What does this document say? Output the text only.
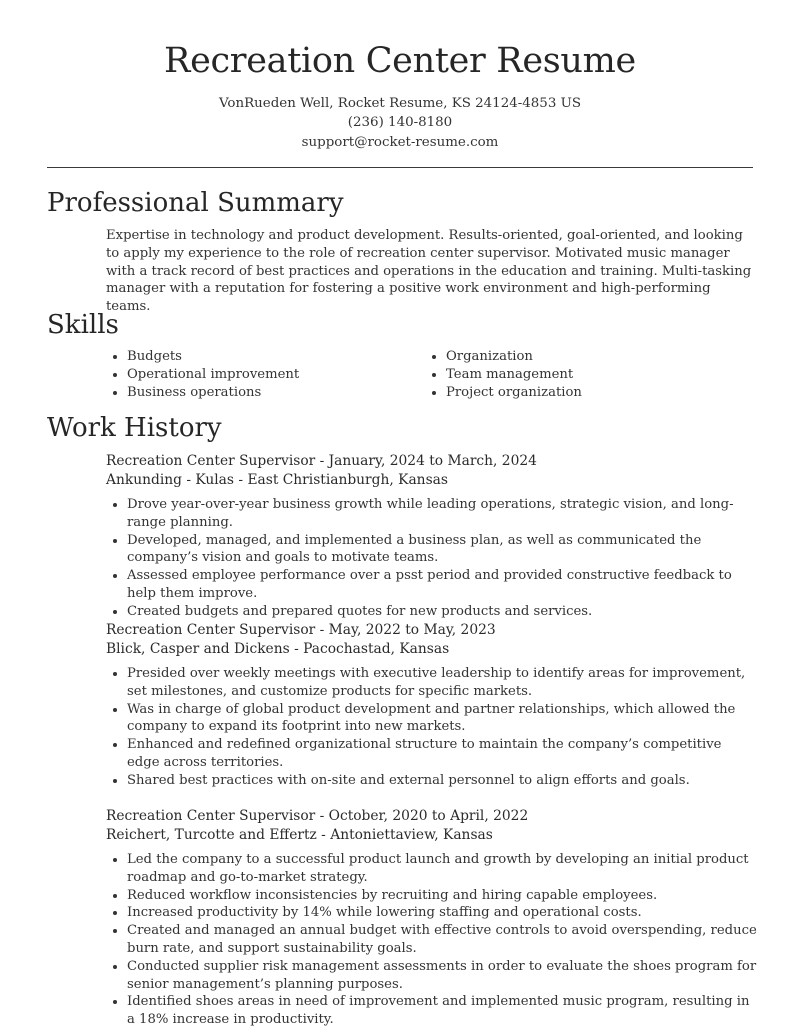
Recreation Center Resume
VonRueden Well, Rocket Resume, KS 24124-4853 US
(236) 140-8180
support@rocket-resume.com
Professional Summary
Expertise in technology and product development. Results-oriented, goal-oriented, and looking to apply my experience to the role of recreation center supervisor. Motivated music manager with a track record of best practices and operations in the education and training. Multi-tasking manager with a reputation for fostering a positive work environment and high-performing teams.
Skills
• Budgets
• Operational improvement
• Business operations
• Organization
• Team management
• Project organization
Work History
Recreation Center Supervisor - January, 2024 to March, 2024
Ankunding - Kulas - East Christianburgh, Kansas
• Drove year-over-year business growth while leading operations, strategic vision, and long-range planning.
• Developed, managed, and implemented a business plan, as well as communicated the company’s vision and goals to motivate teams.
• Assessed employee performance over a psst period and provided constructive feedback to help them improve.
• Created budgets and prepared quotes for new products and services.
Recreation Center Supervisor - May, 2022 to May, 2023
Blick, Casper and Dickens - Pacochastad, Kansas
• Presided over weekly meetings with executive leadership to identify areas for improvement, set milestones, and customize products for specific markets.
• Was in charge of global product development and partner relationships, which allowed the company to expand its footprint into new markets.
• Enhanced and redefined organizational structure to maintain the company’s competitive edge across territories.
• Shared best practices with on-site and external personnel to align efforts and goals.
Recreation Center Supervisor - October, 2020 to April, 2022
Reichert, Turcotte and Effertz - Antoniettaview, Kansas
• Led the company to a successful product launch and growth by developing an initial product roadmap and go-to-market strategy.
• Reduced workflow inconsistencies by recruiting and hiring capable employees.
• Increased productivity by 14% while lowering staffing and operational costs.
• Created and managed an annual budget with effective controls to avoid overspending, reduce burn rate, and support sustainability goals.
• Conducted supplier risk management assessments in order to evaluate the shoes program for senior management’s planning purposes.
• Identified shoes areas in need of improvement and implemented music program, resulting in a 18% increase in productivity.
